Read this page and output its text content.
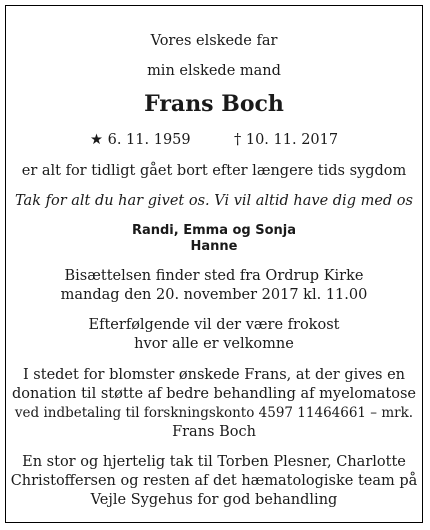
Vores elskede far
min elskede mand
Frans Boch
★ 6. 11. 1959	† 10. 11. 2017
er alt for tidligt gået bort efter længere tids sygdom
Tak for alt du har givet os. Vi vil altid have dig med os
Randi, Emma og Sonja
Hanne
Bisættelsen finder sted fra Ordrup Kirke
mandag den 20. november 2017 kl. 11.00
Efterfølgende vil der være frokost
hvor alle er velkomne
I stedet for blomster ønskede Frans, at der gives en
donation til støtte af bedre behandling af myelomatose
ved indbetaling til forskningskonto 4597 11464661 – mrk.
Frans Boch
En stor og hjertelig tak til Torben Plesner, Charlotte
Christoffersen og resten af det hæmatologiske team på
Vejle Sygehus for god behandling
